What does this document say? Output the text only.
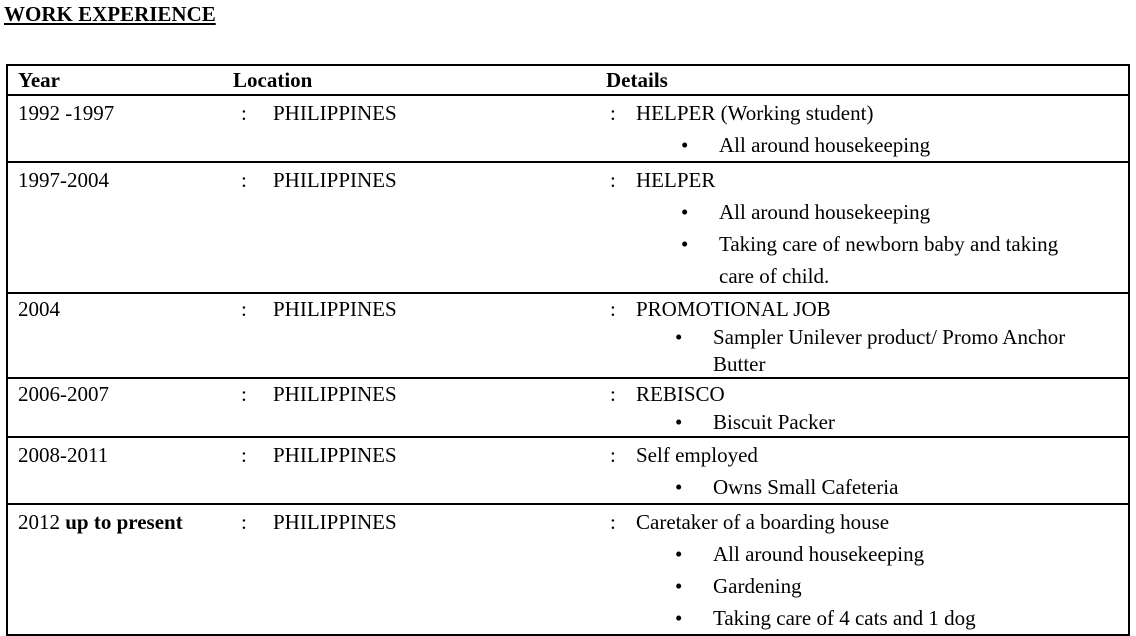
WORK EXPERIENCE
Year	Location	Details

1992 -1997	:	PHILIPPINES	: HELPER (Working student)
• All around housekeeping

1997-2004	:	PHILIPPINES	: HELPER
• All around housekeeping
• Taking care of newborn baby and taking
care of child.

2004	:	PHILIPPINES	: PROMOTIONAL JOB
• Sampler Unilever product/ Promo Anchor
Butter

2006-2007	:	PHILIPPINES	: REBISCO
• Biscuit Packer

2008-2011	:	PHILIPPINES	: Self employed
• Owns Small Cafeteria

2012 up to present	:	PHILIPPINES	: Caretaker of a boarding house
• All around housekeeping
• Gardening
• Taking care of 4 cats and 1 dog
